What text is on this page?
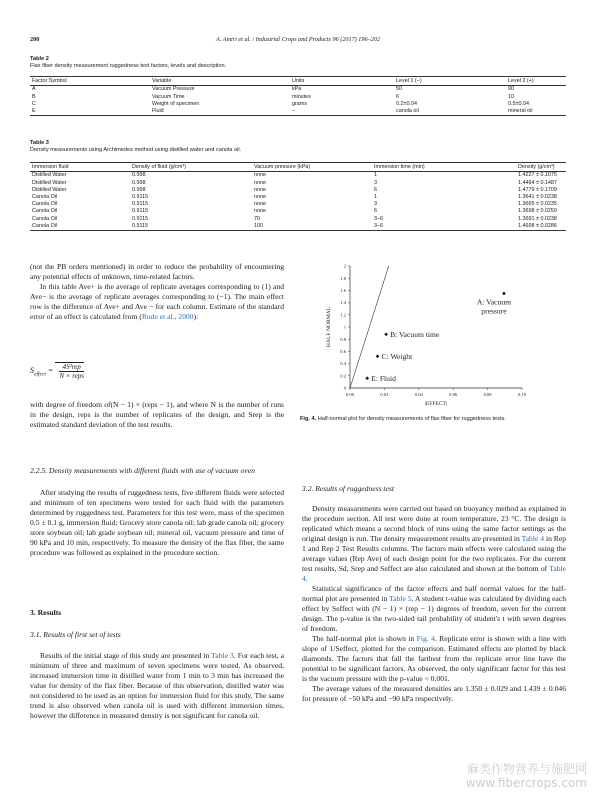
200	A. Amiri et al. / Industrial Crops and Products 96 (2017) 196–202
Table 2
Flax fiber density measurement ruggedness test factors, levels and description.
Factor Symbol	Variable	Units	Level 1 (−)	Level 2 (+)
A	Vacuum Pressure	kPa	50	90
B	Vacuum Time	minutes	6	10
C	Weight of specimen	grams	0.2±0.04	0.5±0.04
E	Fluid	–	canola oil	mineral oil
Table 3
Density measurements using Archimedes method using distilled water and canola oil.
Immersion fluid	Density of fluid (g/cm³)	Vacuum pressure (kPa)	Immersion time (min)	Density (g/cm³)
Distilled Water	0.998	none	1	1.4227 ± 0.1075
Distilled Water	0.998	none	3	1.4464 ± 0.1487
Distilled Water	0.998	none	6	1.4779 ± 0.1709
Canola Oil	0.9115	none	1	1.3641 ± 0.0238
Canola Oil	0.9115	none	3	1.3665 ± 0.0235
Canola Oil	0.9115	none	6	1.3698 ± 0.0250
Canola Oil	0.9115	70	3–6	1.3691 ± 0.0238
Canola Oil	0.9115	100	3–6	1.4698 ± 0.0286

(not the PB orders mentioned) in order to reduce the probability of encountering any potential effects of unknown, time-related factors.

In this table Ave+ is the average of replicate averages corresponding to (1) and Ave− is the average of replicate averages corresponding to (−1). The main effect row is the difference of Ave+ and Ave − for each column. Estimate of the standard error of an effect is calculated from (Rude et al., 2000):

$S_{effect}$ =	4S²rep
N × reps

with degree of freedom of(N − 1) × (reps − 1), and where N is the number of runs in the design, reps is the number of replicates of the design, and Srep is the estimated standard deviation of the test results.

2.2.5. Density measurements with different fluids with use of vacuum oven

After studying the results of ruggedness tests, five different fluids were selected and minimum of ten specimens were tested for each fluid with the parameters determined by ruggedness test. Parameters for this test were, mass of the specimen 0.5 ± 0.1 g, immersion fluid; Grocery store canola oil; lab grade canola oil; grocery store soybean oil; lab grade soybean oil; mineral oil, vacuum pressure and time of 90 kPa and 10 min, respectively. To measure the density of the flax fiber, the same procedure was followed as explained in the procedure section.

3. Results
3.1. Results of first set of tests

Results of the initial stage of this study are presented in Table 3. For each test, a minimum of three and maximum of seven specimens were tested. As observed, increased immersion time in distilled water from 1 min to 3 min has increased the value for density of the flax fiber. Because of this observation, distilled water was not considered to be used as an option for immersion fluid for this study. The same trend is also observed when canola oil is used with different immersion times, however the difference in measured density is not significant for canola oil.

0
0.2
0.4
0.6
0.8
1
1.2
1.4
1.6
1.8
2
0.00	0.02	0.04	0.06	0.08	0.10
|EFFECT|
HALF NORMAL
E: Fluid
C: Weight
B: Vacuum time
A: Vacuum
pressure
Fig. 4. Half-normal plot for density measurements of flax fiber for ruggedness tests.
3.2. Results of ruggedness test

Density measurements were carried out based on buoyancy method as explained in the procedure section. All test were done at room temperature, 23 °C. The design is replicated which means a second block of runs using the same factor settings as the original design is run. The density measurement results are presented in Table 4 in Rep 1 and Rep 2 Test Results columns. The factors main effects were calculated using the average values (Rep Ave) of each design point for the two replicates. For the current test results, Sd, Srep and Seffect are also calculated and shown at the bottom of Table 4.

Statistical significance of the factor effects and half normal values for the half-normal plot are presented in Table 5. A student t-value was calculated by dividing each effect by Seffect with (N − 1) × (rep − 1) degrees of freedom, seven for the current design. The p-value is the two-sided tail probability of student's t with seven degrees of freedom.

The half-normal plot is shown in Fig. 4. Replicate error is shown with a line with slope of 1/Seffect, plotted for the comparison. Estimated effects are plotted by black diamonds. The factors that fall the farthest from the replicate error line have the potential to be significant factors. As observed, the only significant factor for this test is the vacuum pressure with the p-value < 0.001.

The average values of the measured densities are 1.350 ± 0.029 and 1.439 ± 0.046 for pressure of −50 kPa and −90 kPa respectively.

麻类作物营养与施肥网
www.fibercrops.com
